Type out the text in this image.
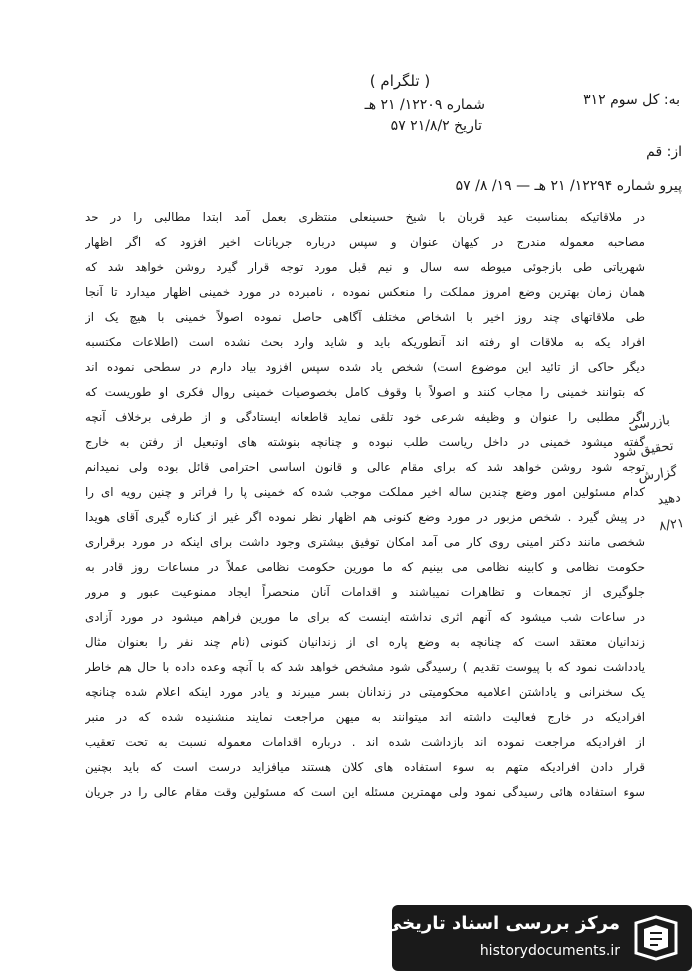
( تلگرام )
به: کل سوم ۳۱۲
شماره ۱۲۲۰۹/ ۲۱ هـ
تاریخ ۲۱/۸/۲ ۵۷
از: قم
پیرو شماره ۱۲۲۹۴/ ۲۱ هـ — ۱۹/ ۸/ ۵۷
در ملاقاتیکه بمناسبت عید قربان با شیخ حسینعلی منتظری بعمل آمد ابتدا مطالبی را در حد
مصاحبه معموله مندرج در کیهان عنوان و سپس درباره جریانات اخیر افزود که اگر اظهار
شهریاتی طی بازجوئی میوطه سه سال و نیم قبل مورد توجه قرار گیرد روشن خواهد شد که
همان زمان بهترین وضع امروز مملکت را منعکس نموده ، نامبرده در مورد خمینی اظهار میدارد تا آنجا
طی ملاقاتهای چند روز اخیر با اشخاص مختلف آگاهی حاصل نموده اصولاً خمینی با هیچ یک از
افراد یکه به ملاقات او رفته اند آنطوریکه باید و شاید وارد بحث نشده است (اطلاعات مکتسبه
دیگر حاکی از تائید این موضوع است) شخص یاد شده سپس افزود بیاد دارم در سطحی نموده اند
که بتوانند خمینی را مجاب کنند و اصولاً با وقوف کامل بخصوصیات خمینی روال فکری او طوریست که
اگر مطلبی را عنوان و وظیفه شرعی خود تلقی نماید قاطعانه ایستادگی و از طرفی برخلاف آنچه
گفته میشود خمینی در داخل ریاست طلب نبوده و چنانچه بنوشته های اوتبعیل از رفتن به خارج
توجه شود روشن خواهد شد که برای مقام عالی و قانون اساسی احترامی قائل بوده ولی نمیدانم
کدام مسئولین امور وضع چندین ساله اخیر مملکت موجب شده که خمینی پا را فراتر و چنین رویه ای را
در پیش گیرد . شخص مزبور در مورد وضع کنونی هم اظهار نظر نموده اگر غیر از کناره گیری آقای هویدا
شخصی مانند دکتر امینی روی کار می آمد امکان توفیق بیشتری وجود داشت برای اینکه در مورد برقراری
حکومت نظامی و کابینه نظامی می بینیم که ما مورین حکومت نظامی عملاً در مساعات روز قادر به
جلوگیری از تجمعات و تظاهرات نمیباشند و اقدامات آنان منحصراً ایجاد ممنوعیت عبور و مرور
در ساعات شب میشود که آنهم اثری نداشته اینست که برای ما مورین فراهم میشود در مورد آزادی
زندانیان معتقد است که چنانچه به وضع پاره ای از زندانیان کنونی (نام چند نفر را بعنوان مثال
یادداشت نمود که با پیوست تقدیم ) رسیدگی شود مشخص خواهد شد که با آنچه وعده داده با حال هم خاطر
یک سخنرانی و یاداشتن اعلامیه محکومیتی در زندانان بسر میبرند و یادر مورد اینکه اعلام شده چنانچه
افرادیکه در خارج فعالیت داشته اند میتوانند به میهن مراجعت نمایند منشنیده شده که در منبر
از افرادیکه مراجعت نموده اند بازداشت شده اند . درباره اقدامات معموله نسبت به تحت تعقیب
قرار دادن افرادیکه متهم به سوء استفاده های کلان هستند میافزاید درست است که باید بچنین
سوء استفاده هائی رسیدگی نمود ولی مهمترین مسئله این است که مسئولین وقت مقام عالی را در جریان
بازرسی
تحقیق شود
گزارش
دهید
۸/۲۱
مرکز بررسی اسناد تاریخی
historydocuments.ir
